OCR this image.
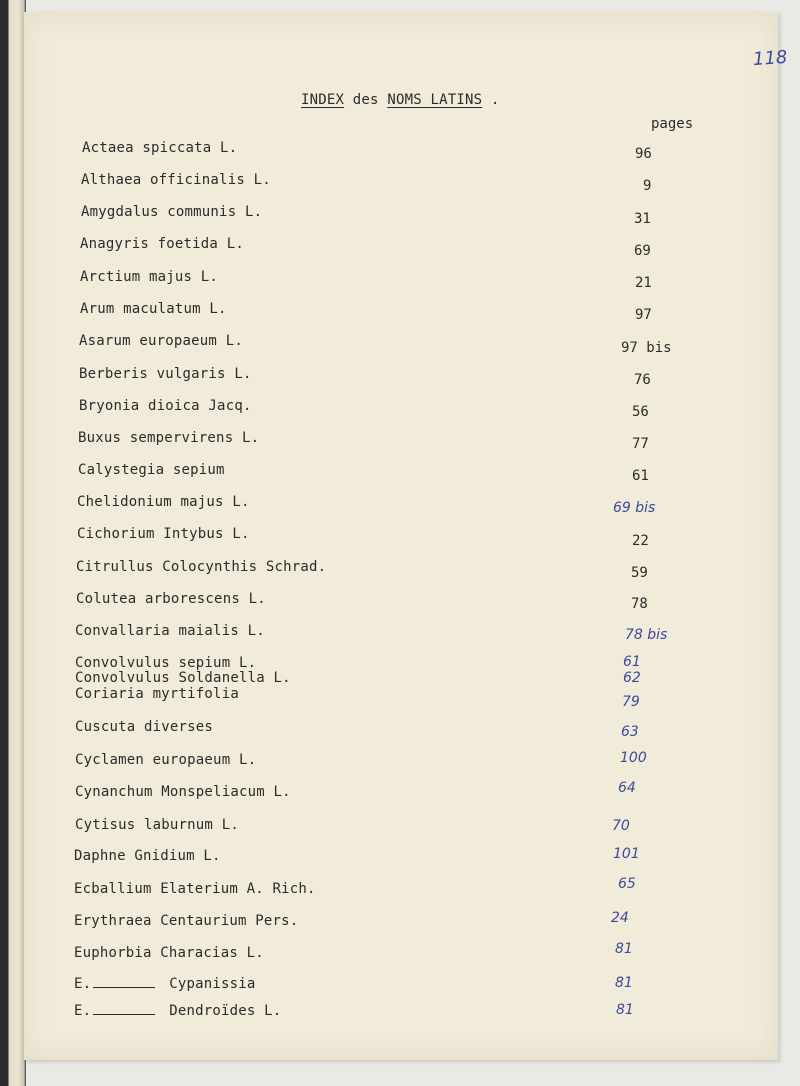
118
INDEX des NOMS LATINS .
pages
Actaea spiccata L.	96
Althaea officinalis L.	9
Amygdalus communis L.	31
Anagyris foetida L.	69
Arctium majus L.	21
Arum maculatum L.	97
Asarum europaeum L.	97 bis
Berberis vulgaris L.	76
Bryonia dioica Jacq.	56
Buxus sempervirens L.	77
Calystegia sepium	61
Chelidonium majus L.	69 bis
Cichorium Intybus L.	22
Citrullus Colocynthis Schrad.	59
Colutea arborescens L.	78
Convallaria maialis L.	78 bis
Convolvulus sepium L.	61
Convolvulus Soldanella L.	62
Coriaria myrtifolia	79
Cuscuta diverses	63
Cyclamen europaeum L.	100
Cynanchum Monspeliacum L.	64
Cytisus laburnum L.	70
Daphne Gnidium L.	101
Ecballium Elaterium A. Rich.	65
Erythraea Centaurium Pers.	24
Euphorbia Characias L.	81
E.	Cypanissia	81
E.	Dendroïdes L.	81
